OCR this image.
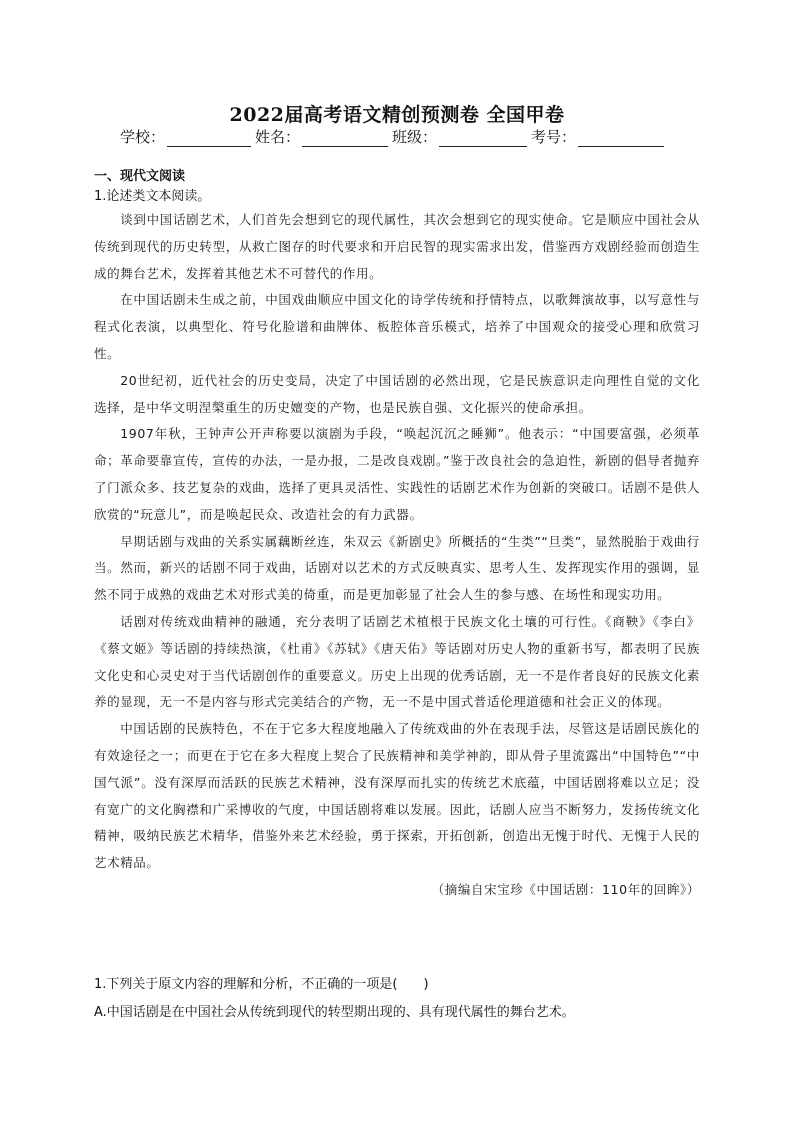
2022届高考语文精创预测卷 全国甲卷
学校：	姓名：	班级：	考号：
一、现代文阅读
1.论述类文本阅读。

谈到中国话剧艺术，人们首先会想到它的现代属性，其次会想到它的现实使命。它是顺应中国社会从传统到现代的历史转型，从救亡图存的时代要求和开启民智的现实需求出发，借鉴西方戏剧经验而创造生成的舞台艺术，发挥着其他艺术不可替代的作用。

在中国话剧未生成之前，中国戏曲顺应中国文化的诗学传统和抒情特点，以歌舞演故事，以写意性与程式化表演，以典型化、符号化脸谱和曲牌体、板腔体音乐模式，培养了中国观众的接受心理和欣赏习性。

20世纪初，近代社会的历史变局，决定了中国话剧的必然出现，它是民族意识走向理性自觉的文化选择，是中华文明涅槃重生的历史嬗变的产物，也是民族自强、文化振兴的使命承担。

1907年秋，王钟声公开声称要以演剧为手段，“唤起沉沉之睡狮”。他表示：“中国要富强，必须革命；革命要靠宣传，宣传的办法，一是办报，二是改良戏剧。”鉴于改良社会的急迫性，新剧的倡导者抛弃了门派众多、技艺复杂的戏曲，选择了更具灵活性、实践性的话剧艺术作为创新的突破口。话剧不是供人欣赏的“玩意儿”，而是唤起民众、改造社会的有力武器。

早期话剧与戏曲的关系实属藕断丝连，朱双云《新剧史》所概括的“生类”“旦类”，显然脱胎于戏曲行当。然而，新兴的话剧不同于戏曲，话剧对以艺术的方式反映真实、思考人生、发挥现实作用的强调，显然不同于成熟的戏曲艺术对形式美的倚重，而是更加彰显了社会人生的参与感、在场性和现实功用。

话剧对传统戏曲精神的融通，充分表明了话剧艺术植根于民族文化土壤的可行性。《商鞅》《李白》《蔡文姬》等话剧的持续热演，《杜甫》《苏轼》《唐天佑》等话剧对历史人物的重新书写，都表明了民族文化史和心灵史对于当代话剧创作的重要意义。历史上出现的优秀话剧，无一不是作者良好的民族文化素养的显现，无一不是内容与形式完美结合的产物，无一不是中国式普适伦理道德和社会正义的体现。

中国话剧的民族特色，不在于它多大程度地融入了传统戏曲的外在表现手法，尽管这是话剧民族化的有效途径之一；而更在于它在多大程度上契合了民族精神和美学神韵，即从骨子里流露出“中国特色”“中国气派”。没有深厚而活跃的民族艺术精神，没有深厚而扎实的传统艺术底蕴，中国话剧将难以立足；没有宽广的文化胸襟和广采博收的气度，中国话剧将难以发展。因此，话剧人应当不断努力，发扬传统文化精神，吸纳民族艺术精华，借鉴外来艺术经验，勇于探索，开拓创新，创造出无愧于时代、无愧于人民的艺术精品。

（摘编自宋宝珍《中国话剧：110年的回眸》）

1.下列关于原文内容的理解和分析，不正确的一项是(　　)

A.中国话剧是在中国社会从传统到现代的转型期出现的、具有现代属性的舞台艺术。
